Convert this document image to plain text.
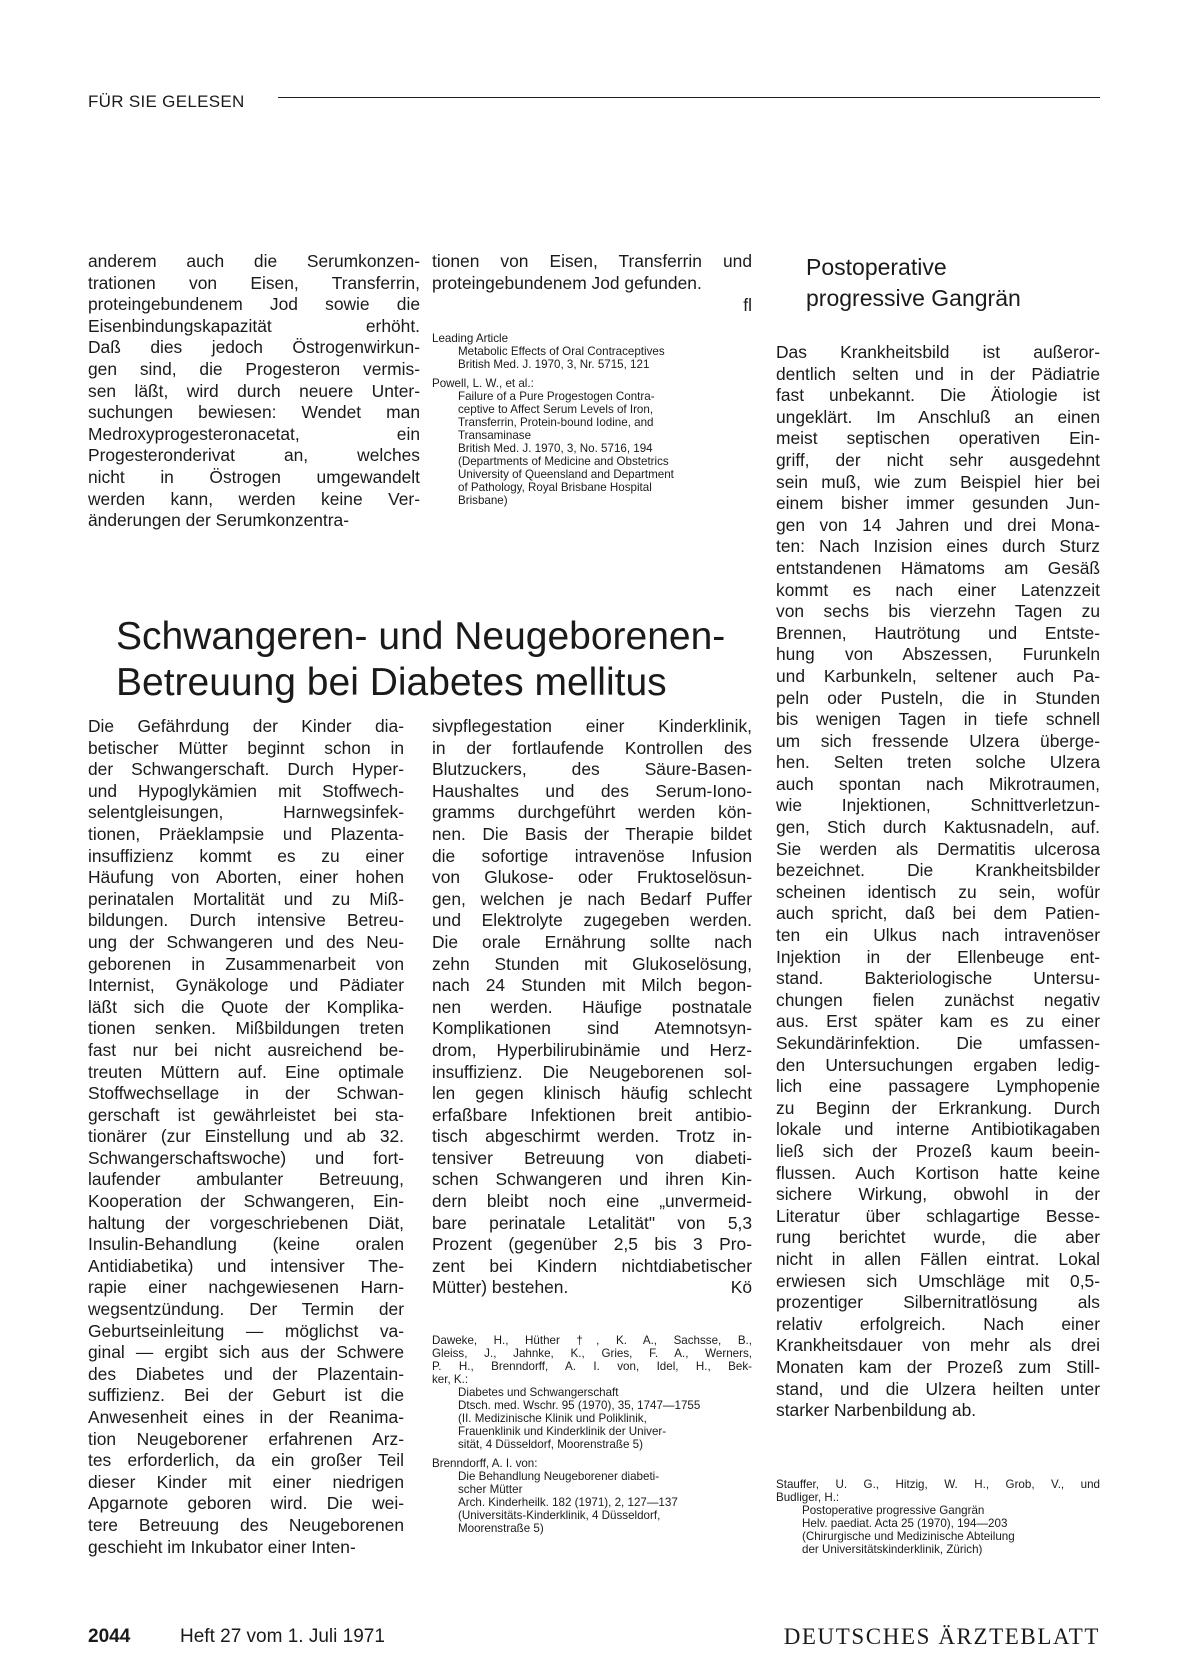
FÜR SIE GELESEN

anderem auch die Serumkonzen-

trationen von Eisen, Transferrin,

proteingebundenem Jod sowie die

Eisenbindungskapazität erhöht.

Daß dies jedoch Östrogenwirkun-

gen sind, die Progesteron vermis-

sen läßt, wird durch neuere Unter-

suchungen bewiesen: Wendet man

Medroxyprogesteronacetat, ein

Progesteronderivat an, welches

nicht in Östrogen umgewandelt

werden kann, werden keine Ver-

änderungen der Serumkonzentra-

tionen von Eisen, Transferrin und

proteingebundenem Jod gefunden.

fl

Leading Article

Metabolic Effects of Oral Contraceptives

British Med. J. 1970, 3, Nr. 5715, 121

Powell, L. W., et al.:

Failure of a Pure Progestogen Contra-

ceptive to Affect Serum Levels of Iron,

Transferrin, Protein-bound Iodine, and

Transaminase

British Med. J. 1970, 3, No. 5716, 194

(Departments of Medicine and Obstetrics

University of Queensland and Department

of Pathology, Royal Brisbane Hospital

Brisbane)

Schwangeren- und Neugeborenen-
Betreuung bei Diabetes mellitus

Die Gefährdung der Kinder dia-

betischer Mütter beginnt schon in

der Schwangerschaft. Durch Hyper-

und Hypoglykämien mit Stoffwech-

selentgleisungen, Harnwegsinfek-

tionen, Präeklampsie und Plazenta-

insuffizienz kommt es zu einer

Häufung von Aborten, einer hohen

perinatalen Mortalität und zu Miß-

bildungen. Durch intensive Betreu-

ung der Schwangeren und des Neu-

geborenen in Zusammenarbeit von

Internist, Gynäkologe und Pädiater

läßt sich die Quote der Komplika-

tionen senken. Mißbildungen treten

fast nur bei nicht ausreichend be-

treuten Müttern auf. Eine optimale

Stoffwechsellage in der Schwan-

gerschaft ist gewährleistet bei sta-

tionärer (zur Einstellung und ab 32.

Schwangerschaftswoche) und fort-

laufender ambulanter Betreuung,

Kooperation der Schwangeren, Ein-

haltung der vorgeschriebenen Diät,

Insulin-Behandlung (keine oralen

Antidiabetika) und intensiver The-

rapie einer nachgewiesenen Harn-

wegsentzündung. Der Termin der

Geburtseinleitung — möglichst va-

ginal — ergibt sich aus der Schwere

des Diabetes und der Plazentain-

suffizienz. Bei der Geburt ist die

Anwesenheit eines in der Reanima-

tion Neugeborener erfahrenen Arz-

tes erforderlich, da ein großer Teil

dieser Kinder mit einer niedrigen

Apgarnote geboren wird. Die wei-

tere Betreuung des Neugeborenen

geschieht im Inkubator einer Inten-

sivpflegestation einer Kinderklinik,

in der fortlaufende Kontrollen des

Blutzuckers, des Säure-Basen-

Haushaltes und des Serum-Iono-

gramms durchgeführt werden kön-

nen. Die Basis der Therapie bildet

die sofortige intravenöse Infusion

von Glukose- oder Fruktoselösun-

gen, welchen je nach Bedarf Puffer

und Elektrolyte zugegeben werden.

Die orale Ernährung sollte nach

zehn Stunden mit Glukoselösung,

nach 24 Stunden mit Milch begon-

nen werden. Häufige postnatale

Komplikationen sind Atemnotsyn-

drom, Hyperbilirubinämie und Herz-

insuffizienz. Die Neugeborenen sol-

len gegen klinisch häufig schlecht

erfaßbare Infektionen breit antibio-

tisch abgeschirmt werden. Trotz in-

tensiver Betreuung von diabeti-

schen Schwangeren und ihren Kin-

dern bleibt noch eine „unvermeid-

bare perinatale Letalität" von 5,3

Prozent (gegenüber 2,5 bis 3 Pro-

zent bei Kindern nichtdiabetischer

Mütter) bestehen.	Kö

Daweke, H., Hüther †, K. A., Sachsse, B.,

Gleiss, J., Jahnke, K., Gries, F. A., Werners,

P. H., Brenndorff, A. I. von, Idel, H., Bek-

ker, K.:

Diabetes und Schwangerschaft

Dtsch. med. Wschr. 95 (1970), 35, 1747—1755

(II. Medizinische Klinik und Poliklinik,

Frauenklinik und Kinderklinik der Univer-

sität, 4 Düsseldorf, Moorenstraße 5)

Brenndorff, A. I. von:

Die Behandlung Neugeborener diabeti-

scher Mütter

Arch. Kinderheilk. 182 (1971), 2, 127—137

(Universitäts-Kinderklinik, 4 Düsseldorf,

Moorenstraße 5)

Postoperative
progressive Gangrän

Das Krankheitsbild ist außeror-

dentlich selten und in der Pädiatrie

fast unbekannt. Die Ätiologie ist

ungeklärt. Im Anschluß an einen

meist septischen operativen Ein-

griff, der nicht sehr ausgedehnt

sein muß, wie zum Beispiel hier bei

einem bisher immer gesunden Jun-

gen von 14 Jahren und drei Mona-

ten: Nach Inzision eines durch Sturz

entstandenen Hämatoms am Gesäß

kommt es nach einer Latenzzeit

von sechs bis vierzehn Tagen zu

Brennen, Hautrötung und Entste-

hung von Abszessen, Furunkeln

und Karbunkeln, seltener auch Pa-

peln oder Pusteln, die in Stunden

bis wenigen Tagen in tiefe schnell

um sich fressende Ulzera überge-

hen. Selten treten solche Ulzera

auch spontan nach Mikrotraumen,

wie Injektionen, Schnittverletzun-

gen, Stich durch Kaktusnadeln, auf.

Sie werden als Dermatitis ulcerosa

bezeichnet. Die Krankheitsbilder

scheinen identisch zu sein, wofür

auch spricht, daß bei dem Patien-

ten ein Ulkus nach intravenöser

Injektion in der Ellenbeuge ent-

stand. Bakteriologische Untersu-

chungen fielen zunächst negativ

aus. Erst später kam es zu einer

Sekundärinfektion. Die umfassen-

den Untersuchungen ergaben ledig-

lich eine passagere Lymphopenie

zu Beginn der Erkrankung. Durch

lokale und interne Antibiotikagaben

ließ sich der Prozeß kaum beein-

flussen. Auch Kortison hatte keine

sichere Wirkung, obwohl in der

Literatur über schlagartige Besse-

rung berichtet wurde, die aber

nicht in allen Fällen eintrat. Lokal

erwiesen sich Umschläge mit 0,5-

prozentiger Silbernitratlösung als

relativ erfolgreich. Nach einer

Krankheitsdauer von mehr als drei

Monaten kam der Prozeß zum Still-

stand, und die Ulzera heilten unter

starker Narbenbildung ab.

Stauffer, U. G., Hitzig, W. H., Grob, V., und

Budliger, H.:

Postoperative progressive Gangrän

Helv. paediat. Acta 25 (1970), 194—203

(Chirurgische und Medizinische Abteilung

der Universitätskinderklinik, Zürich)

2044	Heft 27 vom 1. Juli 1971	DEUTSCHES ÄRZTEBLATT
